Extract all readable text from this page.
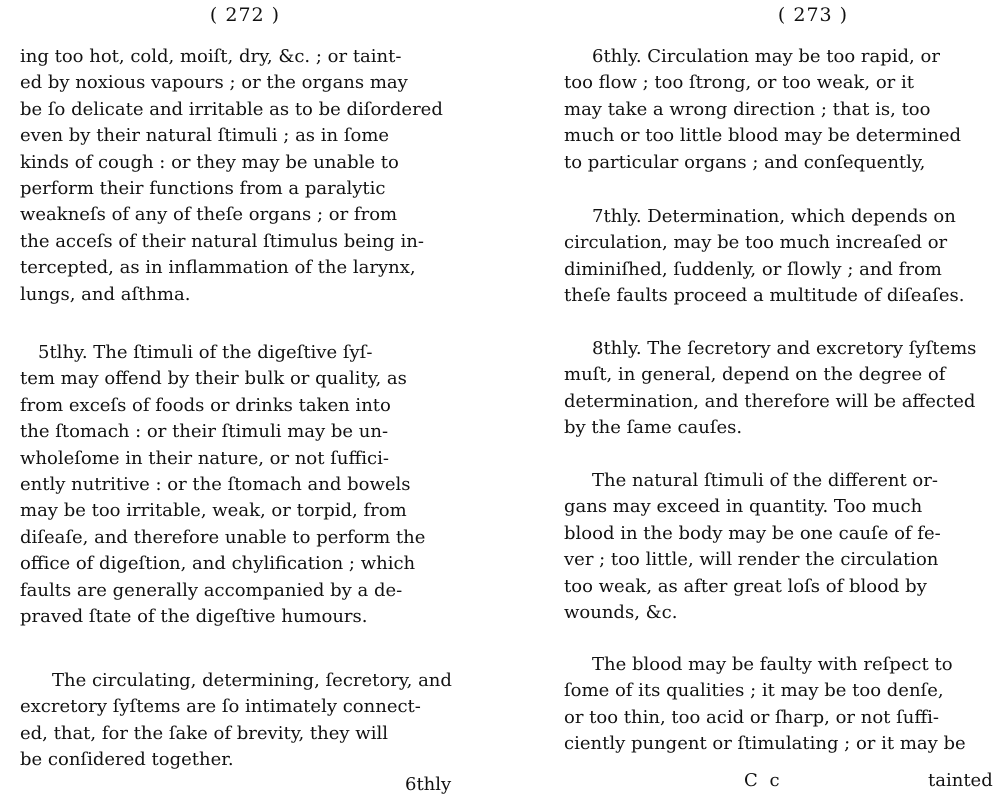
( 272 )
ing too hot, cold, moiſt, dry, &c. ; or taint-
ed by noxious vapours ; or the organs may
be ſo delicate and irritable as to be diſordered
even by their natural ſtimuli ; as in ſome
kinds of cough : or they may be unable to
perform their functions from a paralytic
weakneſs of any of theſe organs ; or from
the acceſs of their natural ſtimulus being in-
tercepted, as in inflammation of the larynx,
lungs, and aſthma.
5tlhy. The ſtimuli of the digeſtive ſyſ-
tem may offend by their bulk or quality, as
from exceſs of foods or drinks taken into
the ſtomach : or their ſtimuli may be un-
wholeſome in their nature, or not ſuffici-
ently nutritive : or the ſtomach and bowels
may be too irritable, weak, or torpid, from
diſeaſe, and therefore unable to perform the
office of digeſtion, and chylification ; which
faults are generally accompanied by a de-
praved ſtate of the digeſtive humours.
The circulating, determining, ſecretory, and
excretory ſyſtems are ſo intimately connect-
ed, that, for the ſake of brevity, they will
be conſidered together.
6thly
( 273 )
6thly. Circulation may be too rapid, or
too flow ; too ſtrong, or too weak, or it
may take a wrong direction ; that is, too
much or too little blood may be determined
to particular organs ; and conſequently,
7thly. Determination, which depends on
circulation, may be too much increaſed or
diminiſhed, ſuddenly, or ſlowly ; and from
theſe faults proceed a multitude of diſeaſes.
8thly. The ſecretory and excretory ſyſtems
muſt, in general, depend on the degree of
determination, and therefore will be affected
by the ſame cauſes.
The natural ſtimuli of the different or-
gans may exceed in quantity. Too much
blood in the body may be one cauſe of fe-
ver ; too little, will render the circulation
too weak, as after great loſs of blood by
wounds, &c.
The blood may be faulty with reſpect to
ſome of its qualities ; it may be too denſe,
or too thin, too acid or ſharp, or not ſuffi-
ciently pungent or ſtimulating ; or it may be
C c	tainted
